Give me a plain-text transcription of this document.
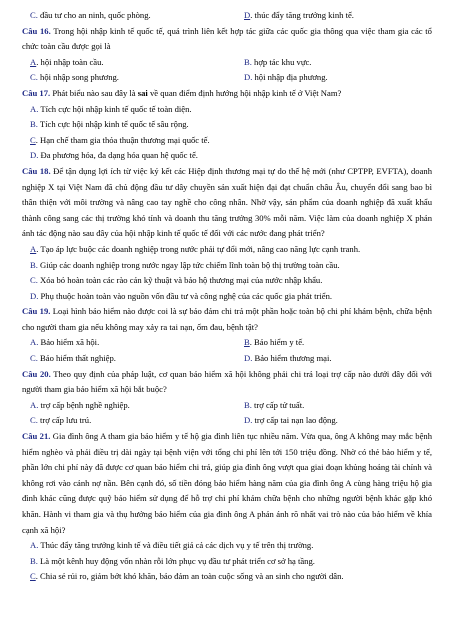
C. đầu tư cho an ninh, quốc phòng.	D. thúc đẩy tăng trưởng kinh tế.
Câu 16. Trong hội nhập kinh tế quốc tế, quá trình liên kết hợp tác giữa các quốc gia thông qua việc tham gia các tổ chức toàn cầu được gọi là
A. hội nhập toàn cầu.	B. hợp tác khu vực.
C. hội nhập song phương.	D. hội nhập địa phương.
Câu 17. Phát biểu nào sau đây là sai về quan điểm định hướng hội nhập kinh tế ở Việt Nam?
A. Tích cực hội nhập kinh tế quốc tế toàn diện.
B. Tích cực hội nhập kinh tế quốc tế sâu rộng.
C. Hạn chế tham gia thỏa thuận thương mại quốc tế.
D. Đa phương hóa, đa dạng hóa quan hệ quốc tế.
Câu 18. Để tận dụng lợi ích từ việc ký kết các Hiệp định thương mại tự do thế hệ mới (như CPTPP, EVFTA), doanh nghiệp X tại Việt Nam đã chủ động đầu tư dây chuyền sản xuất hiện đại đạt chuẩn châu Âu, chuyển đổi sang bao bì thân thiện với môi trường và nâng cao tay nghề cho công nhân. Nhờ vậy, sản phẩm của doanh nghiệp đã xuất khẩu thành công sang các thị trường khó tính và doanh thu tăng trưởng 30% mỗi năm. Việc làm của doanh nghiệp X phản ánh tác động nào sau đây của hội nhập kinh tế quốc tế đối với các nước đang phát triển?
A. Tạo áp lực buộc các doanh nghiệp trong nước phải tự đổi mới, nâng cao năng lực cạnh tranh.
B. Giúp các doanh nghiệp trong nước ngay lập tức chiếm lĩnh toàn bộ thị trường toàn cầu.
C. Xóa bỏ hoàn toàn các rào cản kỹ thuật và bảo hộ thương mại của nước nhập khẩu.
D. Phụ thuộc hoàn toàn vào nguồn vốn đầu tư và công nghệ của các quốc gia phát triển.
Câu 19. Loại hình bảo hiểm nào được coi là sự bảo đảm chi trả một phần hoặc toàn bộ chi phí khám bệnh, chữa bệnh cho người tham gia nếu không may xảy ra tai nạn, ốm đau, bệnh tật?
A. Bảo hiểm xã hội.	B. Bảo hiểm y tế.
C. Bảo hiểm thất nghiệp.	D. Bảo hiểm thương mại.
Câu 20. Theo quy định của pháp luật, cơ quan bảo hiểm xã hội không phải chi trả loại trợ cấp nào dưới đây đối với người tham gia bảo hiểm xã hội bắt buộc?
A. trợ cấp bệnh nghề nghiệp.	B. trợ cấp tử tuất.
C. trợ cấp lưu trú.	D. trợ cấp tai nạn lao động.
Câu 21. Gia đình ông A tham gia bảo hiểm y tế hộ gia đình liên tục nhiều năm. Vừa qua, ông A không may mắc bệnh hiểm nghèo và phải điều trị dài ngày tại bệnh viện với tổng chi phí lên tới 150 triệu đồng. Nhờ có thẻ bảo hiểm y tế, phần lớn chi phí này đã được cơ quan bảo hiểm chi trả, giúp gia đình ông vượt qua giai đoạn khủng hoảng tài chính và không rơi vào cảnh nợ nần. Bên cạnh đó, số tiền đóng bảo hiểm hàng năm của gia đình ông A cùng hàng triệu hộ gia đình khác cũng được quỹ bảo hiểm sử dụng để hỗ trợ chi phí khám chữa bệnh cho những người bệnh khác gặp khó khăn. Hành vi tham gia và thụ hưởng bảo hiểm của gia đình ông A phản ánh rõ nhất vai trò nào của bảo hiểm về khía cạnh xã hội?
A. Thúc đẩy tăng trưởng kinh tế và điều tiết giá cả các dịch vụ y tế trên thị trường.
B. Là một kênh huy động vốn nhàn rỗi lớn phục vụ đầu tư phát triển cơ sở hạ tầng.
C. Chia sẻ rủi ro, giảm bớt khó khăn, bảo đảm an toàn cuộc sống và an sinh cho người dân.
